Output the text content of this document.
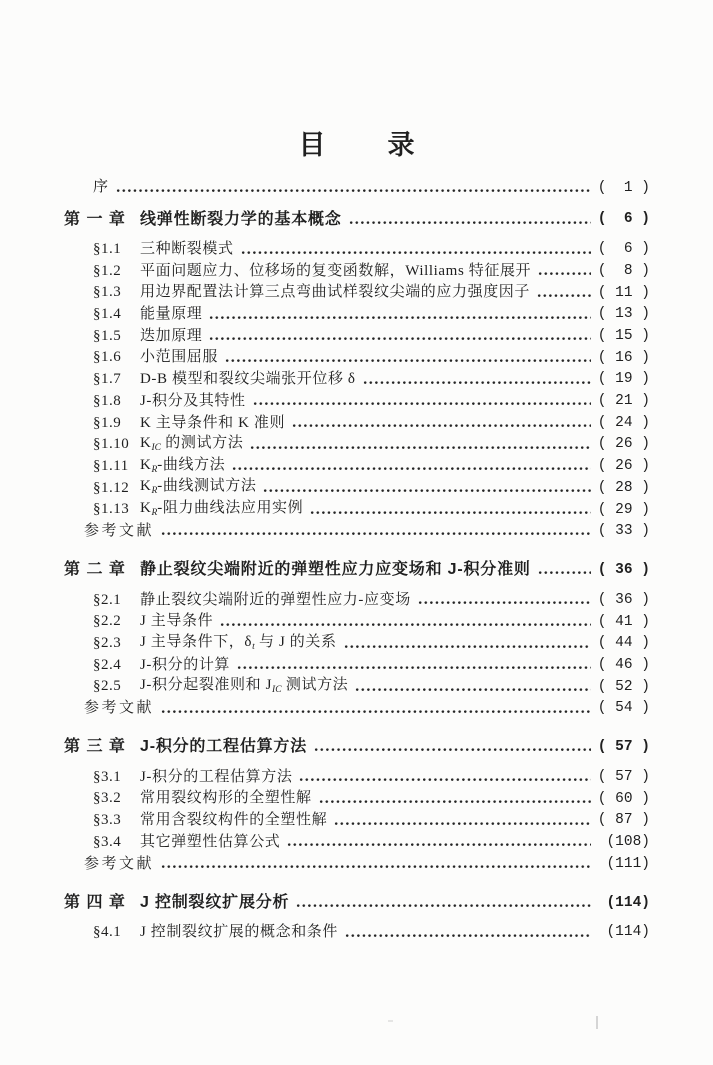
目录
序	(  1 )
第 一 章 线弹性断裂力学的基本概念	(  6 )
§1.1	三种断裂模式	(  6 )
§1.2	平面问题应力、位移场的复变函数解，Williams 特征展开	(  8 )
§1.3	用边界配置法计算三点弯曲试样裂纹尖端的应力强度因子	( 11 )
§1.4	能量原理	( 13 )
§1.5	迭加原理	( 15 )
§1.6	小范围屈服	( 16 )
§1.7	D-B 模型和裂纹尖端张开位移 δ	( 19 )
§1.8	J-积分及其特性	( 21 )
§1.9	K 主导条件和 K 准则	( 24 )
§1.10 $K_{IC}$ 的测试方法	( 26 )
§1.11 $K_R-$曲线方法	( 26 )
§1.12 $K_R-$曲线测试方法	( 28 )
§1.13 $K_R-$阻力曲线法应用实例	( 29 )
参考文献	( 33 )
第 二 章 静止裂纹尖端附近的弹塑性应力应变场和 J-积分准则	( 36 )
§2.1	静止裂纹尖端附近的弹塑性应力-应变场	( 36 )
§2.2	J 主导条件	( 41 )
§2.3	J 主导条件下，$\delta_t$ 与 J 的关系	( 44 )
§2.4	J-积分的计算	( 46 )
§2.5	J-积分起裂准则和 $J_{IC}$ 测试方法	( 52 )
参考文献	( 54 )
第 三 章 J-积分的工程估算方法	( 57 )
§3.1	J-积分的工程估算方法	( 57 )
§3.2	常用裂纹构形的全塑性解	( 60 )
§3.3	常用含裂纹构件的全塑性解	( 87 )
§3.4	其它弹塑性估算公式	(108)
参考文献	(111)
第 四 章 J 控制裂纹扩展分析	(114)
§4.1	J 控制裂纹扩展的概念和条件	(114)
